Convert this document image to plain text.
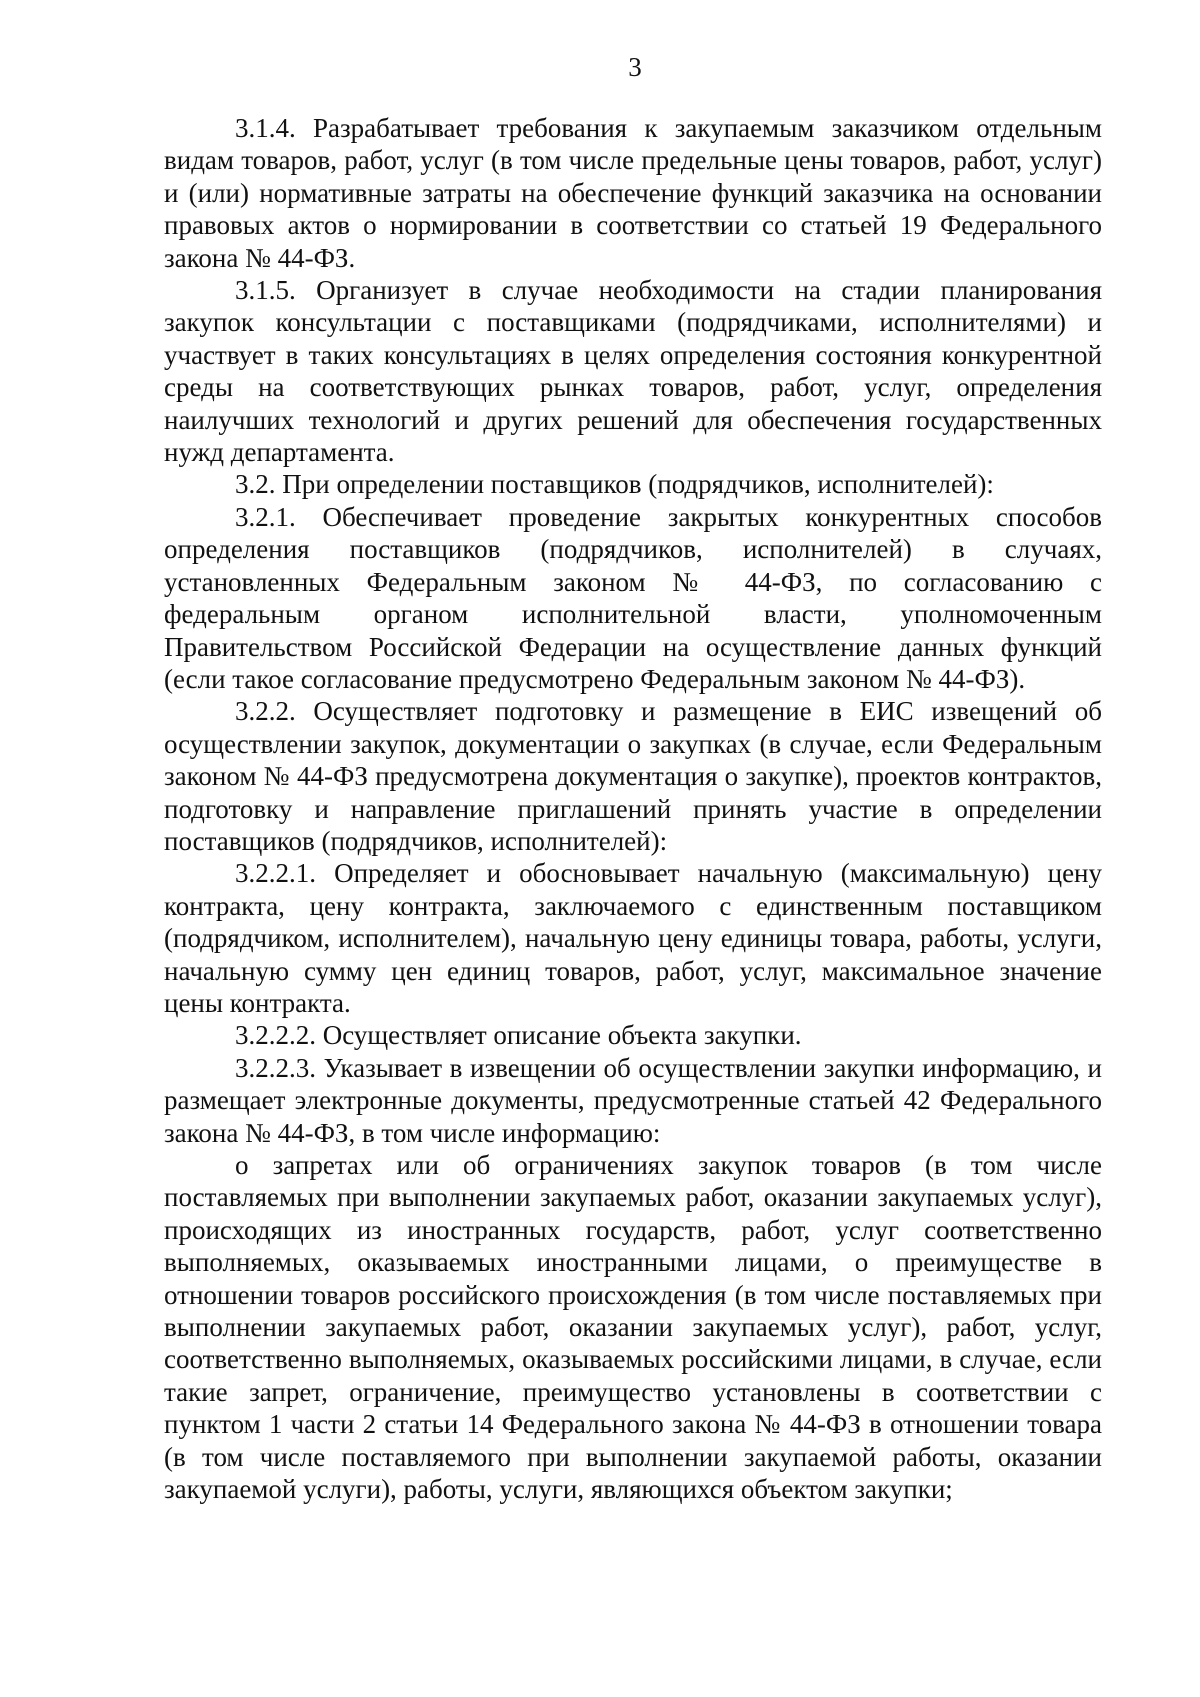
3

3.1.4. Разрабатывает требования к закупаемым заказчиком отдельным видам товаров, работ, услуг (в том числе предельные цены товаров, работ, услуг) и (или) нормативные затраты на обеспечение функций заказчика на основании правовых актов о нормировании в соответствии со статьей 19 Федерального закона № 44-ФЗ.

3.1.5. Организует в случае необходимости на стадии планирования закупок консультации с поставщиками (подрядчиками, исполнителями) и участвует в таких консультациях в целях определения состояния конкурентной среды на соответствующих рынках товаров, работ, услуг, определения наилучших технологий и других решений для обеспечения государственных нужд департамента.

3.2. При определении поставщиков (подрядчиков, исполнителей):

3.2.1. Обеспечивает проведение закрытых конкурентных способов определения поставщиков (подрядчиков, исполнителей) в случаях, установленных Федеральным законом № 44-ФЗ, по согласованию с федеральным органом исполнительной власти, уполномоченным Правительством Российской Федерации на осуществление данных функций (если такое согласование предусмотрено Федеральным законом № 44-ФЗ).

3.2.2. Осуществляет подготовку и размещение в ЕИС извещений об осуществлении закупок, документации о закупках (в случае, если Федеральным законом № 44-ФЗ предусмотрена документация о закупке), проектов контрактов, подготовку и направление приглашений принять участие в определении поставщиков (подрядчиков, исполнителей):

3.2.2.1. Определяет и обосновывает начальную (максимальную) цену контракта, цену контракта, заключаемого с единственным поставщиком (подрядчиком, исполнителем), начальную цену единицы товара, работы, услуги, начальную сумму цен единиц товаров, работ, услуг, максимальное значение цены контракта.

3.2.2.2. Осуществляет описание объекта закупки.

3.2.2.3. Указывает в извещении об осуществлении закупки информацию, и размещает электронные документы, предусмотренные статьей 42 Федерального закона № 44-ФЗ, в том числе информацию:

о запретах или об ограничениях закупок товаров (в том числе поставляемых при выполнении закупаемых работ, оказании закупаемых услуг), происходящих из иностранных государств, работ, услуг соответственно выполняемых, оказываемых иностранными лицами, о преимуществе в отношении товаров российского происхождения (в том числе поставляемых при выполнении закупаемых работ, оказании закупаемых услуг), работ, услуг, соответственно выполняемых, оказываемых российскими лицами, в случае, если такие запрет, ограничение, преимущество установлены в соответствии с пунктом 1 части 2 статьи 14 Федерального закона № 44-ФЗ в отношении товара (в том числе поставляемого при выполнении закупаемой работы, оказании закупаемой услуги), работы, услуги, являющихся объектом закупки;
